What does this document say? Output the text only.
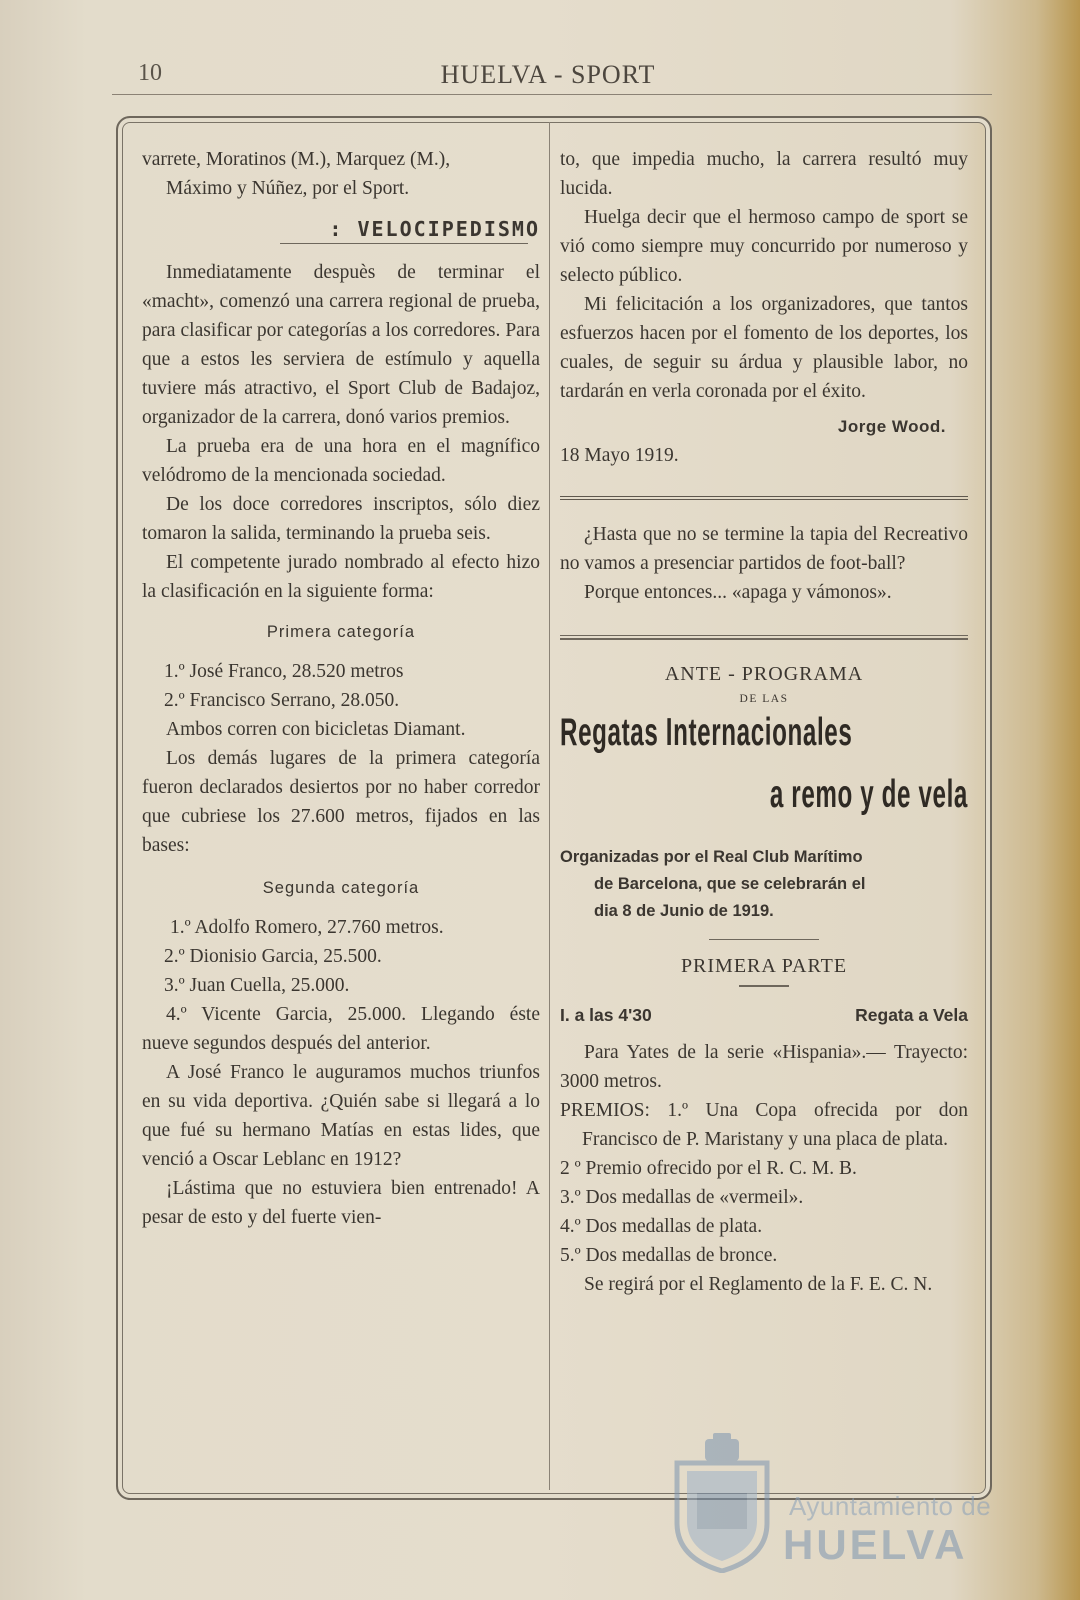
10	HUELVA - SPORT

varrete, Moratinos (M.), Marquez (M.),

Máximo y Núñez, por el Sport.

: VELOCIPEDISMO

Inmediatamente despuès de terminar el «macht», comenzó una carrera regional de prueba, para clasificar por categorías a los corredores. Para que a estos les serviera de estímulo y aquella tuviere más atractivo, el Sport Club de Badajoz, organizador de la carrera, donó varios premios.

La prueba era de una hora en el magnífico velódromo de la mencionada sociedad.

De los doce corredores inscriptos, sólo diez tomaron la salida, terminando la prueba seis.

El competente jurado nombrado al efecto hizo la clasificación en la siguiente forma:

Primera categoría

1.º José Franco, 28.520 metros

2.º Francisco Serrano, 28.050.

Ambos corren con bicicletas Diamant.

Los demás lugares de la primera categoría fueron declarados desiertos por no haber corredor que cubriese los 27.600 metros, fijados en las bases:

Segunda categoría

1.º Adolfo Romero, 27.760 metros.

2.º Dionisio Garcia, 25.500.

3.º Juan Cuella, 25.000.

4.º Vicente Garcia, 25.000. Llegando éste nueve segundos después del anterior.

A José Franco le auguramos muchos triunfos en su vida deportiva. ¿Quién sabe si llegará a lo que fué su hermano Matías en estas lides, que venció a Oscar Leblanc en 1912?

¡Lástima que no estuviera bien entrenado! A pesar de esto y del fuerte vien-

to, que impedia mucho, la carrera resultó muy lucida.

Huelga decir que el hermoso campo de sport se vió como siempre muy concurrido por numeroso y selecto público.

Mi felicitación a los organizadores, que tantos esfuerzos hacen por el fomento de los deportes, los cuales, de seguir su árdua y plausible labor, no tardarán en verla coronada por el éxito.

Jorge Wood.

18 Mayo 1919.

¿Hasta que no se termine la tapia del Recreativo no vamos a presenciar partidos de foot-ball?

Porque entonces... «apaga y vámonos».

ANTE - PROGRAMA
DE LAS
Regatas Internacionales
a remo y de vela
Organizadas por el Real Club Marítimo
de Barcelona, que se celebrarán el
dia 8 de Junio de 1919.
PRIMERA PARTE
I. a las 4'30	Regata a Vela

Para Yates de la serie «Hispania».— Trayecto: 3000 metros.

PREMIOS: 1.º Una Copa ofrecida por don Francisco de P. Maristany y una placa de plata.

2 º Premio ofrecido por el R. C. M. B.

3.º Dos medallas de «vermeil».

4.º Dos medallas de plata.

5.º Dos medallas de bronce.

Se regirá por el Reglamento de la F. E. C. N.

Ayuntamiento de
HUELVA
